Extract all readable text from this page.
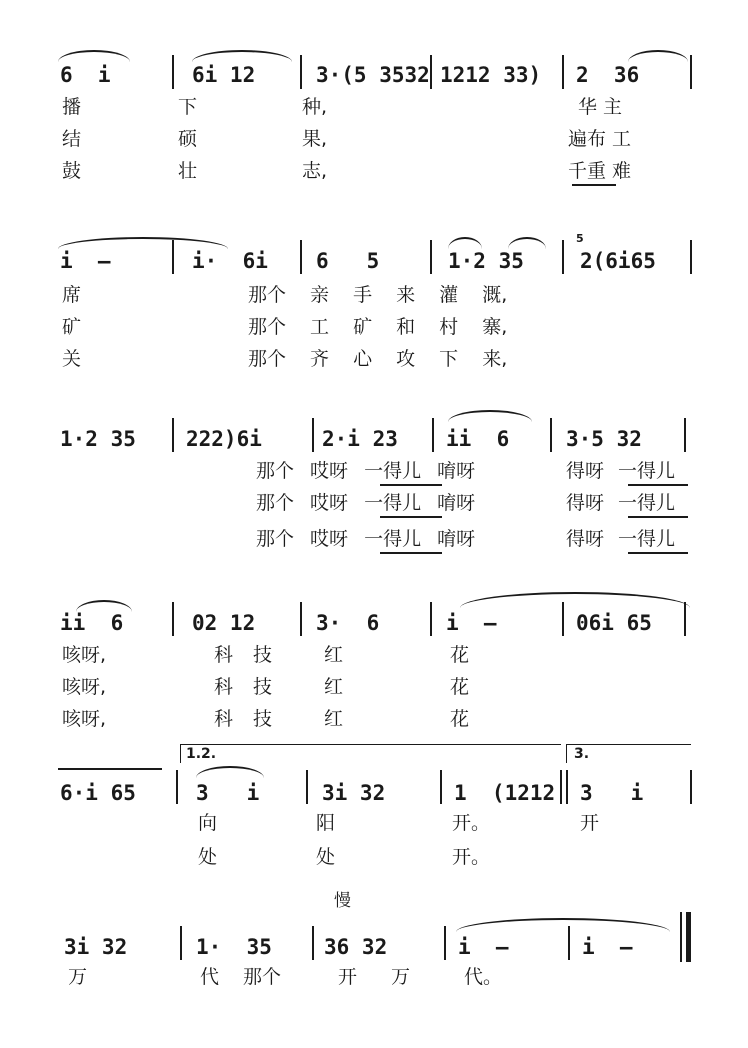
6  i	6i 12	3·(5 3532 1212 33) 2  36
播	下	种,	华 主
结	硕	果,	遍布 工
鼓	壮	志,	千重 难
5
i  —	i·  6i 6   5	1·2 35	2(6i65
席	那个 亲 手 来 灌 溉,
矿	那个 工 矿 和 村 寨,
关	那个 齐 心 攻 下 来,
1·2 35 222)6i	2·i 23 ii  6	3·5 32
那个 哎呀 一得儿 唷呀	得呀 一得儿
那个 哎呀 一得儿 唷呀	得呀 一得儿
那个 哎呀 一得儿 唷呀	得呀 一得儿
ii  6	02 12	3·  6	i  —	06i 65
咳呀,	科 技	红	花
咳呀,	科 技	红	花
咳呀,	科 技	红	花
1.2.	3.
6·i 65	3   i	3i 32	1  (1212 3   i
向	阳	开。	开
处	处	开。
慢
3i 32	1·  35 36 32	i  —	i  —
万	代 那个	开 万	代。
